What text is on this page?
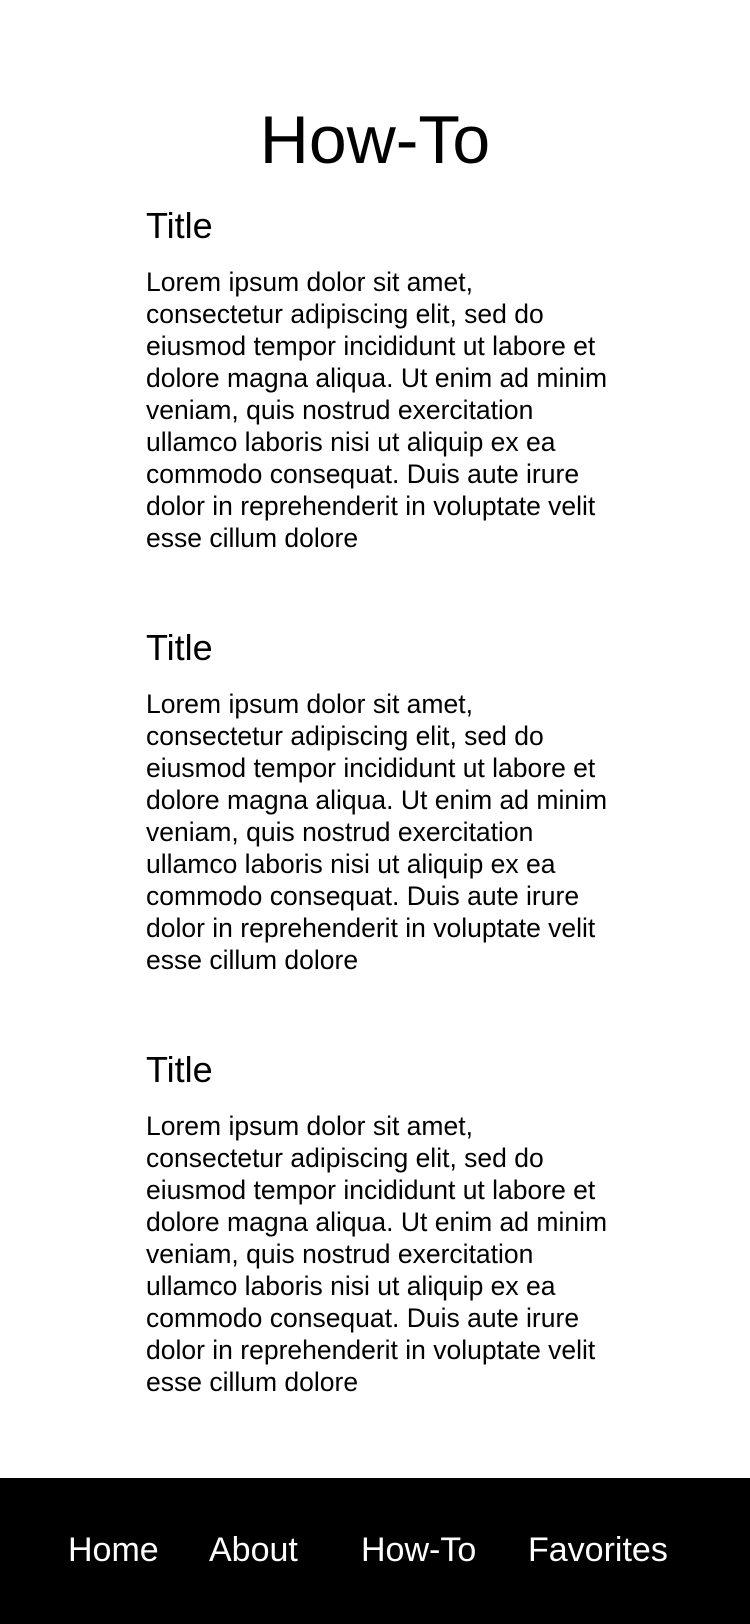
How-To
Title

Lorem ipsum dolor sit amet, consectetur adipiscing elit, sed do eiusmod tempor incididunt ut labore et dolore magna aliqua. Ut enim ad minim veniam, quis nostrud exercitation ullamco laboris nisi ut aliquip ex ea commodo consequat. Duis aute irure dolor in reprehenderit in voluptate velit esse cillum dolore

Title

Lorem ipsum dolor sit amet, consectetur adipiscing elit, sed do eiusmod tempor incididunt ut labore et dolore magna aliqua. Ut enim ad minim veniam, quis nostrud exercitation ullamco laboris nisi ut aliquip ex ea commodo consequat. Duis aute irure dolor in reprehenderit in voluptate velit esse cillum dolore

Title

Lorem ipsum dolor sit amet, consectetur adipiscing elit, sed do eiusmod tempor incididunt ut labore et dolore magna aliqua. Ut enim ad minim veniam, quis nostrud exercitation ullamco laboris nisi ut aliquip ex ea commodo consequat. Duis aute irure dolor in reprehenderit in voluptate velit esse cillum dolore

Home About How-To Favorites
